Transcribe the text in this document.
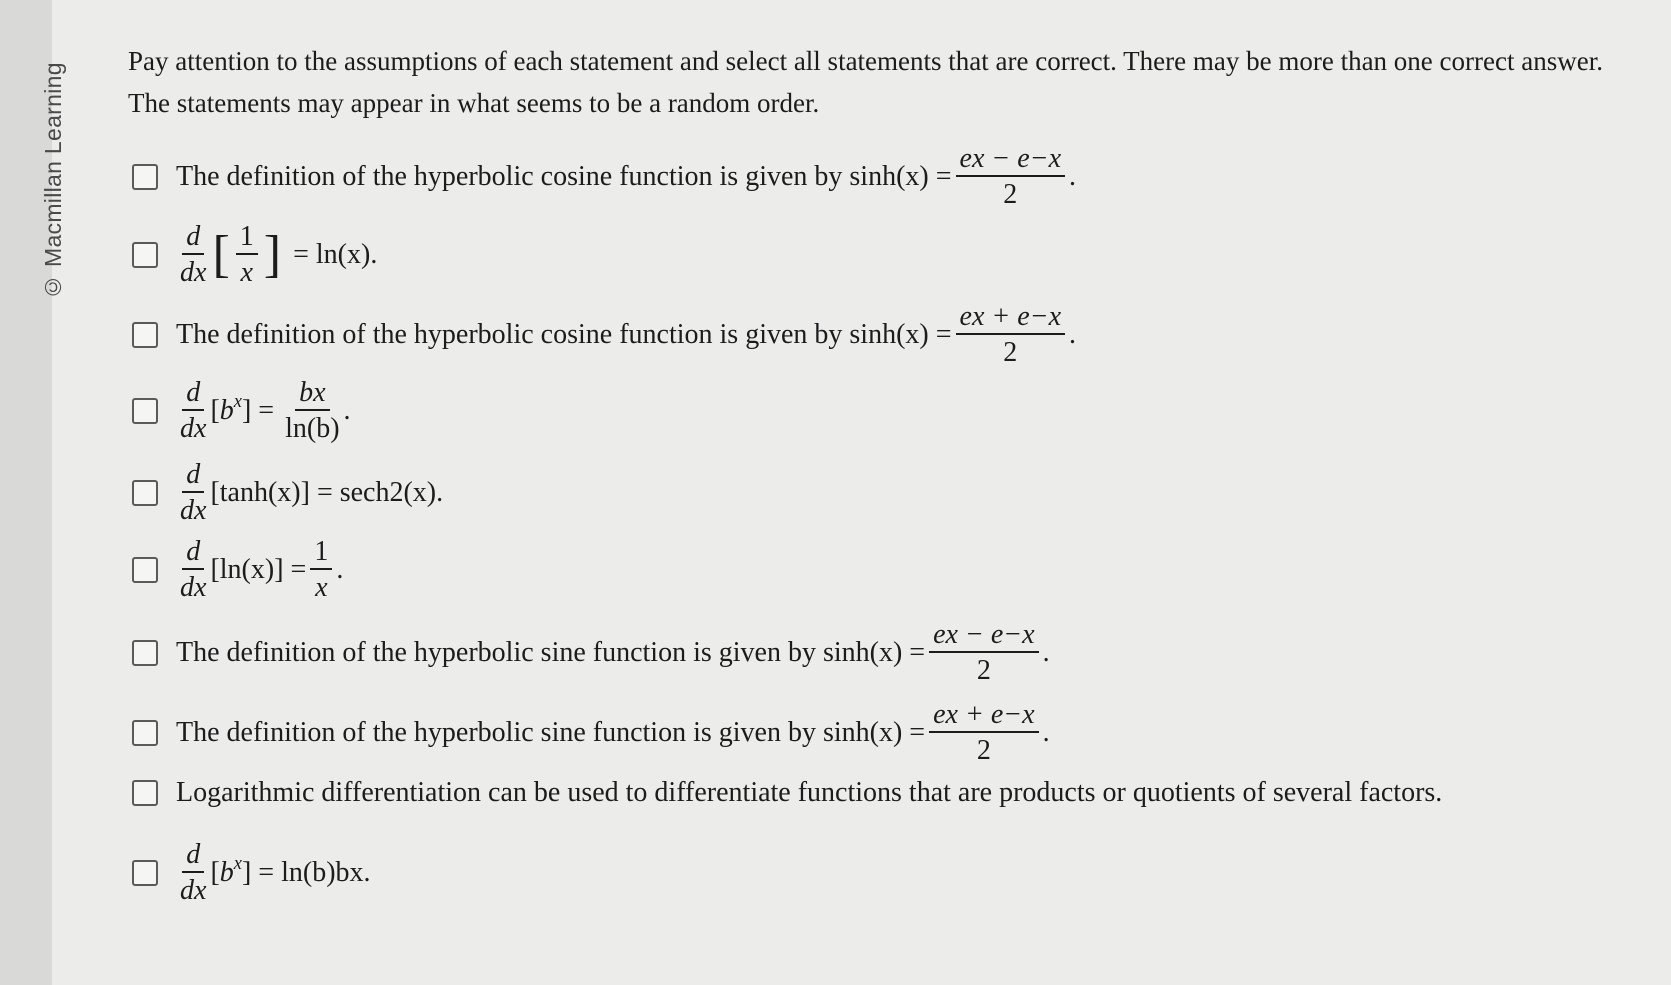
© Macmillan Learning
Pay attention to the assumptions of each statement and select all statements that are correct. There may be more than one correct answer. The statements may appear in what seems to be a random order.
The definition of the hyperbolic cosine function is given by $\sinh(x) = \frac{ex - e-x}{2}$ .
$\frac{d}{dx}$ [ $\frac{1}{x}$ ] = ln(x).
The definition of the hyperbolic cosine function is given by $\sinh(x) = \frac{ex + e-x}{2}$ .
$\frac{d}{dx} [b^x] = \frac{bx}{\ln(b)}$ .
$\frac{d}{dx} [\tanh(x)] = \sec h2(x)$.
$\frac{d}{dx} [\ln(x)] = \frac{1}{x}$ .
The definition of the hyperbolic sine function is given by $\sinh(x) = \frac{ex - e-x}{2}$ .
The definition of the hyperbolic sine function is given by $\sinh(x) = \frac{ex + e-x}{2}$ .
Logarithmic differentiation can be used to differentiate functions that are products or quotients of several factors.
$\frac{d}{dx} [b^x] = \ln(b)bx$.
